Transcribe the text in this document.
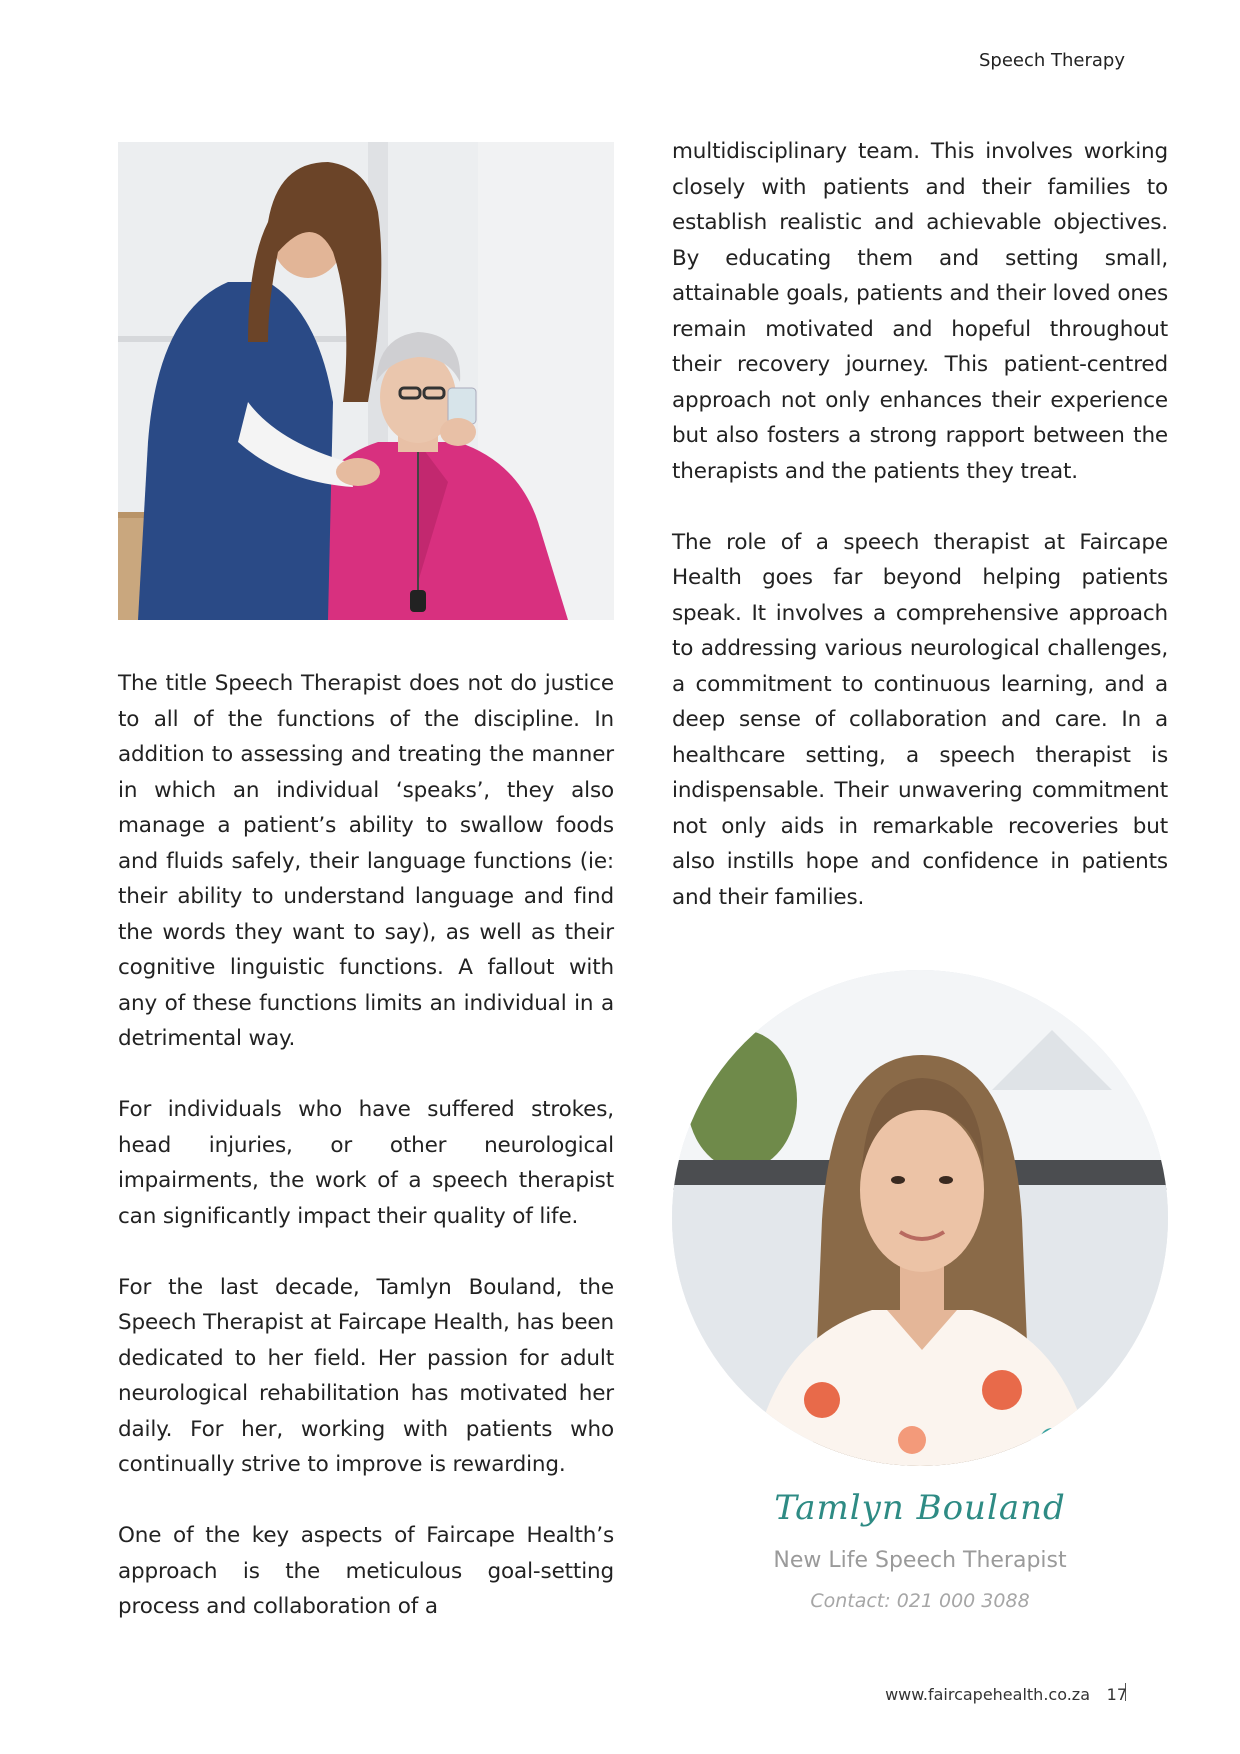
Speech Therapy

The title Speech Therapist does not do justice to all of the functions of the discipline. In addition to assessing and treating the manner in which an individual ‘speaks’, they also manage a patient’s ability to swallow foods and fluids safely, their language functions (ie: their ability to understand language and find the words they want to say), as well as their cognitive linguistic functions. A fallout with any of these functions limits an individual in a detrimental way.

For individuals who have suffered strokes, head injuries, or other neurological impairments, the work of a speech therapist can significantly impact their quality of life.

For the last decade, Tamlyn Bouland, the Speech Therapist at Faircape Health, has been dedicated to her field. Her passion for adult neurological rehabilitation has motivated her daily. For her, working with patients who continually strive to improve is rewarding.

One of the key aspects of Faircape Health’s approach is the meticulous goal-setting process and collaboration of a

multidisciplinary team. This involves working closely with patients and their families to establish realistic and achievable objectives. By educating them and setting small, attainable goals, patients and their loved ones remain motivated and hopeful throughout their recovery journey. This patient-centred approach not only enhances their experience but also fosters a strong rapport between the therapists and the patients they treat.

The role of a speech therapist at Faircape Health goes far beyond helping patients speak. It involves a comprehensive approach to addressing various neurological challenges, a commitment to continuous learning, and a deep sense of collaboration and care. In a healthcare setting, a speech therapist is indispensable. Their unwavering commitment not only aids in remarkable recoveries but also instills hope and confidence in patients and their families.

Tamlyn Bouland
New Life Speech Therapist
Contact: 021 000 3088
www.faircapehealth.co.za 17
